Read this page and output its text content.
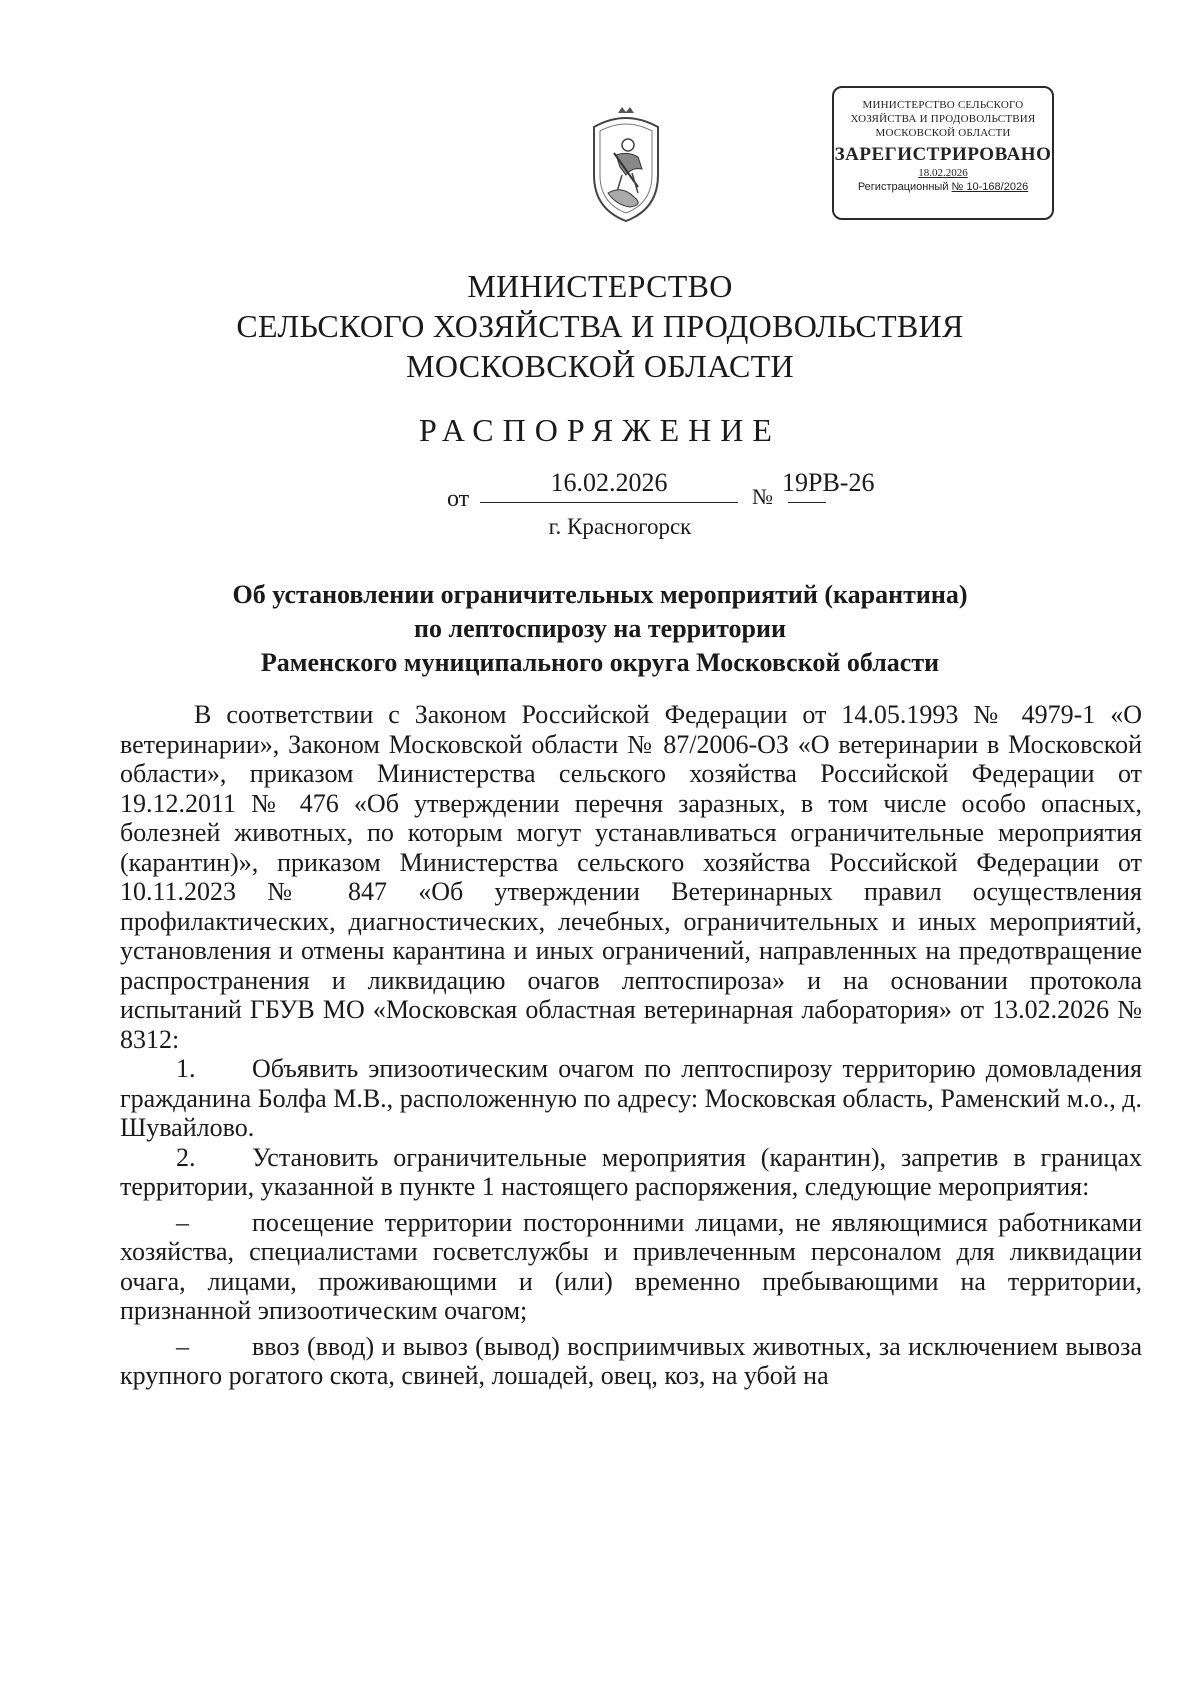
МИНИСТЕРСТВО СЕЛЬСКОГО
ХОЗЯЙСТВА И ПРОДОВОЛЬСТВИЯ
МОСКОВСКОЙ ОБЛАСТИ
ЗАРЕГИСТРИРОВАНО
18.02.2026
Регистрационный № 10-168/2026
МИНИСТЕРСТВО
СЕЛЬСКОГО ХОЗЯЙСТВА И ПРОДОВОЛЬСТВИЯ
МОСКОВСКОЙ ОБЛАСТИ
РАСПОРЯЖЕНИЕ
от
16.02.2026	№ 19РВ-26
г. Красногорск
Об установлении ограничительных мероприятий (карантина)
по лептоспирозу на территории
Раменского муниципального округа Московской области

В соответствии с Законом Российской Федерации от 14.05.1993 № 4979-1 «О ветеринарии», Законом Московской области № 87/2006-ОЗ «О ветеринарии в Московской области», приказом Министерства сельского хозяйства Российской Федерации от 19.12.2011 № 476 «Об утверждении перечня заразных, в том числе особо опасных, болезней животных, по которым могут устанавливаться ограничительные мероприятия (карантин)», приказом Министерства сельского хозяйства Российской Федерации от 10.11.2023 № 847 «Об утверждении Ветеринарных правил осуществления профилактических, диагностических, лечебных, ограничительных и иных мероприятий, установления и отмены карантина и иных ограничений, направленных на предотвращение распространения и ликвидацию очагов лептоспироза» и на основании протокола испытаний ГБУВ МО «Московская областная ветеринарная лаборатория» от 13.02.2026 № 8312:

1. Объявить эпизоотическим очагом по лептоспирозу территорию домовладения гражданина Болфа М.В., расположенную по адресу: Московская область, Раменский м.о., д. Шувайлово.

2. Установить ограничительные мероприятия (карантин), запретив в границах территории, указанной в пункте 1 настоящего распоряжения, следующие мероприятия:

– посещение территории посторонними лицами, не являющимися работниками хозяйства, специалистами госветслужбы и привлеченным персоналом для ликвидации очага, лицами, проживающими и (или) временно пребывающими на территории, признанной эпизоотическим очагом;

– ввоз (ввод) и вывоз (вывод) восприимчивых животных, за исключением вывоза крупного рогатого скота, свиней, лошадей, овец, коз, на убой на
